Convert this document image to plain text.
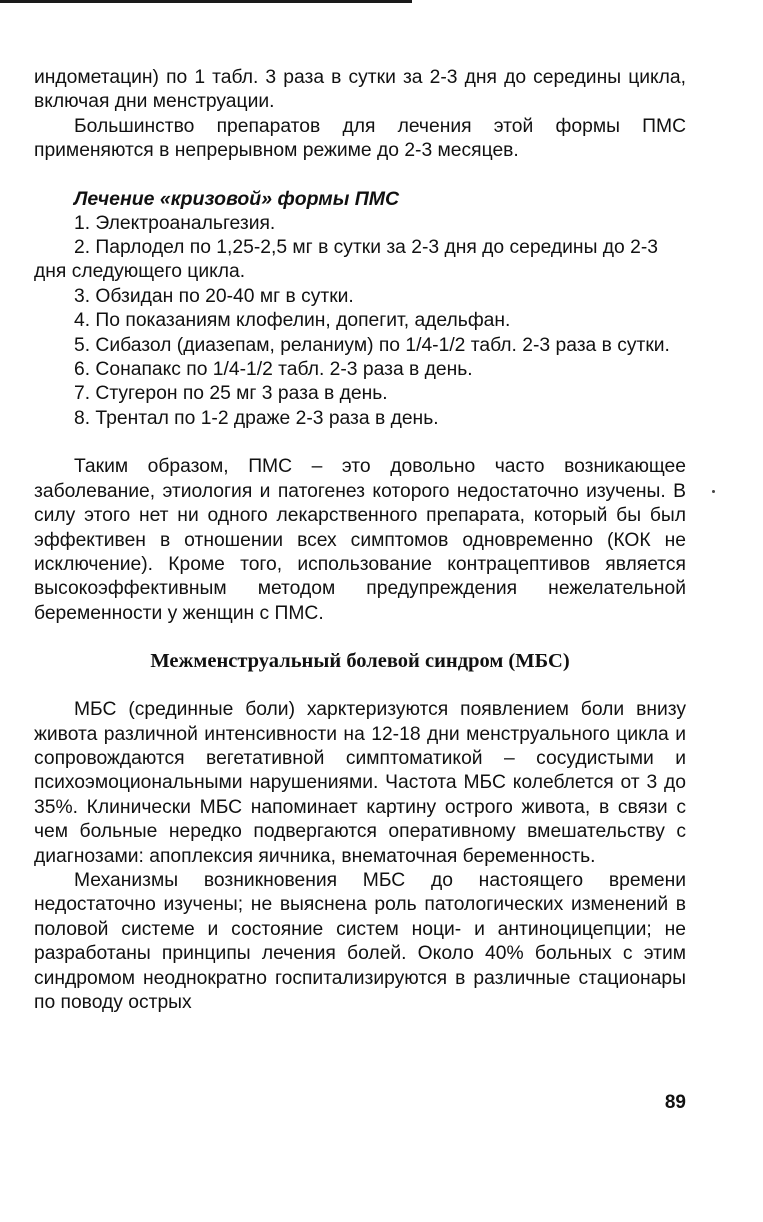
индометацин) по 1 табл. 3 раза в сутки за 2-3 дня до середины цикла, включая дни менструации.

Большинство препаратов для лечения этой формы ПМС применяются в непрерывном режиме до 2-3 месяцев.

Лечение «кризовой» формы ПМС

1. Электроанальгезия.

2. Парлодел по 1,25-2,5 мг в сутки за 2-3 дня до середины до 2-3 дня следующего цикла.

3. Обзидан по 20-40 мг в сутки.

4. По показаниям клофелин, допегит, адельфан.

5. Сибазол (диазепам, реланиум) по 1/4-1/2 табл. 2-3 раза в сутки.

6. Сонапакс по 1/4-1/2 табл. 2-3 раза в день.

7. Стугерон по 25 мг 3 раза в день.

8. Трентал по 1-2 драже 2-3 раза в день.

Таким образом, ПМС – это довольно часто возникающее заболевание, этиология и патогенез которого недостаточно изучены. В силу этого нет ни одного лекарственного препарата, который бы был эффективен в отношении всех симптомов одновременно (КОК не исключение). Кроме того, использование контрацептивов является высокоэффективным методом предупреждения нежелательной беременности у женщин с ПМС.

Межменструальный болевой синдром (МБС)

МБС (срединные боли) харктеризуются появлением боли внизу живота различной интенсивности на 12-18 дни менструального цикла и сопровождаются вегетативной симптоматикой – сосудистыми и психоэмоциональными нарушениями. Частота МБС колеблется от 3 до 35%. Клинически МБС напоминает картину острого живота, в связи с чем больные нередко подвергаются оперативному вмешательству с диагнозами: апоплексия яичника, внематочная беременность.

Механизмы возникновения МБС до настоящего времени недостаточно изучены; не выяснена роль патологических изменений в половой системе и состояние систем ноци- и антиноцицепции; не разработаны принципы лечения болей. Около 40% больных с этим синдромом неоднократно госпитализируются в различные стационары по поводу острых

89
